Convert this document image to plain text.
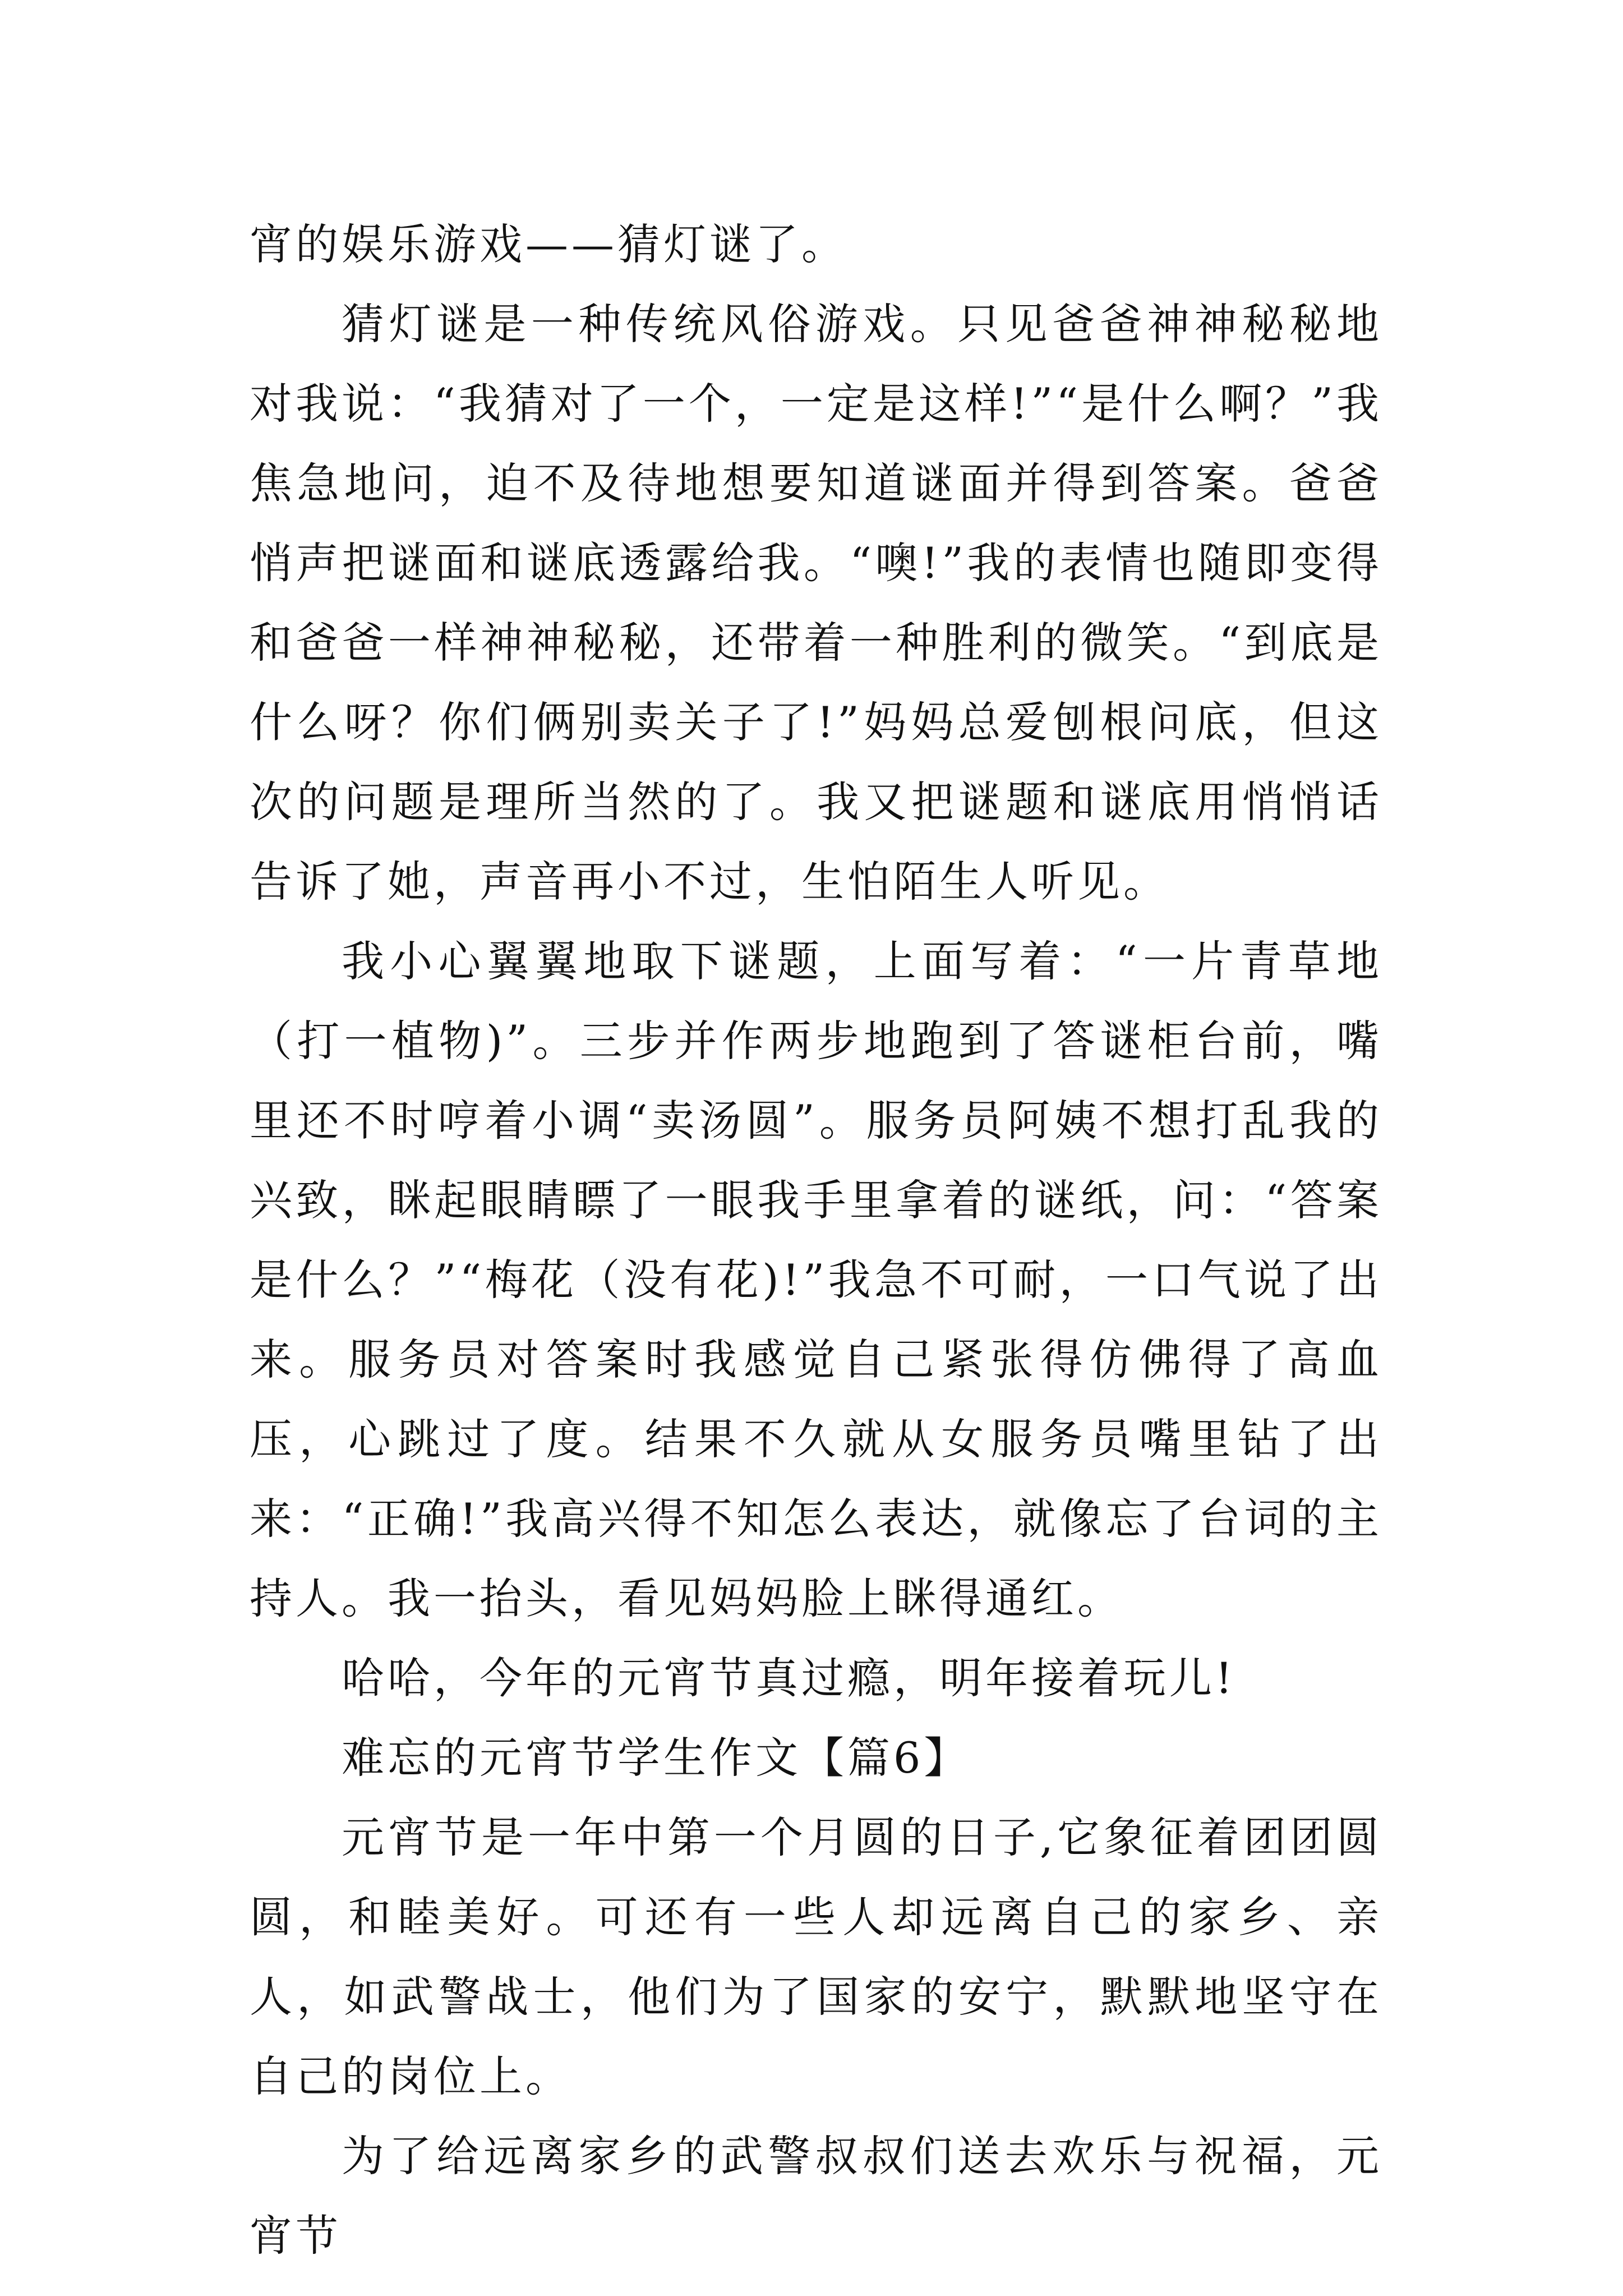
宵的娱乐游戏——猜灯谜了。

猜灯谜是一种传统风俗游戏。只见爸爸神神秘秘地对我说：“我猜对了一个，一定是这样!”“是什么啊？”我焦急地问，迫不及待地想要知道谜面并得到答案。爸爸悄声把谜面和谜底透露给我。“噢!”我的表情也随即变得和爸爸一样神神秘秘，还带着一种胜利的微笑。“到底是什么呀？你们俩别卖关子了!”妈妈总爱刨根问底，但这次的问题是理所当然的了。我又把谜题和谜底用悄悄话告诉了她，声音再小不过，生怕陌生人听见。

我小心翼翼地取下谜题，上面写着：“一片青草地（打一植物)”。三步并作两步地跑到了答谜柜台前，嘴里还不时哼着小调“卖汤圆”。服务员阿姨不想打乱我的兴致，眯起眼睛瞟了一眼我手里拿着的谜纸，问：“答案是什么？”“梅花（没有花)!”我急不可耐，一口气说了出来。服务员对答案时我感觉自己紧张得仿佛得了高血压，心跳过了度。结果不久就从女服务员嘴里钻了出来：“正确!”我高兴得不知怎么表达，就像忘了台词的主持人。我一抬头，看见妈妈脸上眯得通红。

哈哈，今年的元宵节真过瘾，明年接着玩儿!

难忘的元宵节学生作文【篇6】

元宵节是一年中第一个月圆的日子,它象征着团团圆圆，和睦美好。可还有一些人却远离自己的家乡、亲人，如武警战士，他们为了国家的安宁，默默地坚守在自己的岗位上。

为了给远离家乡的武警叔叔们送去欢乐与祝福，元宵节
